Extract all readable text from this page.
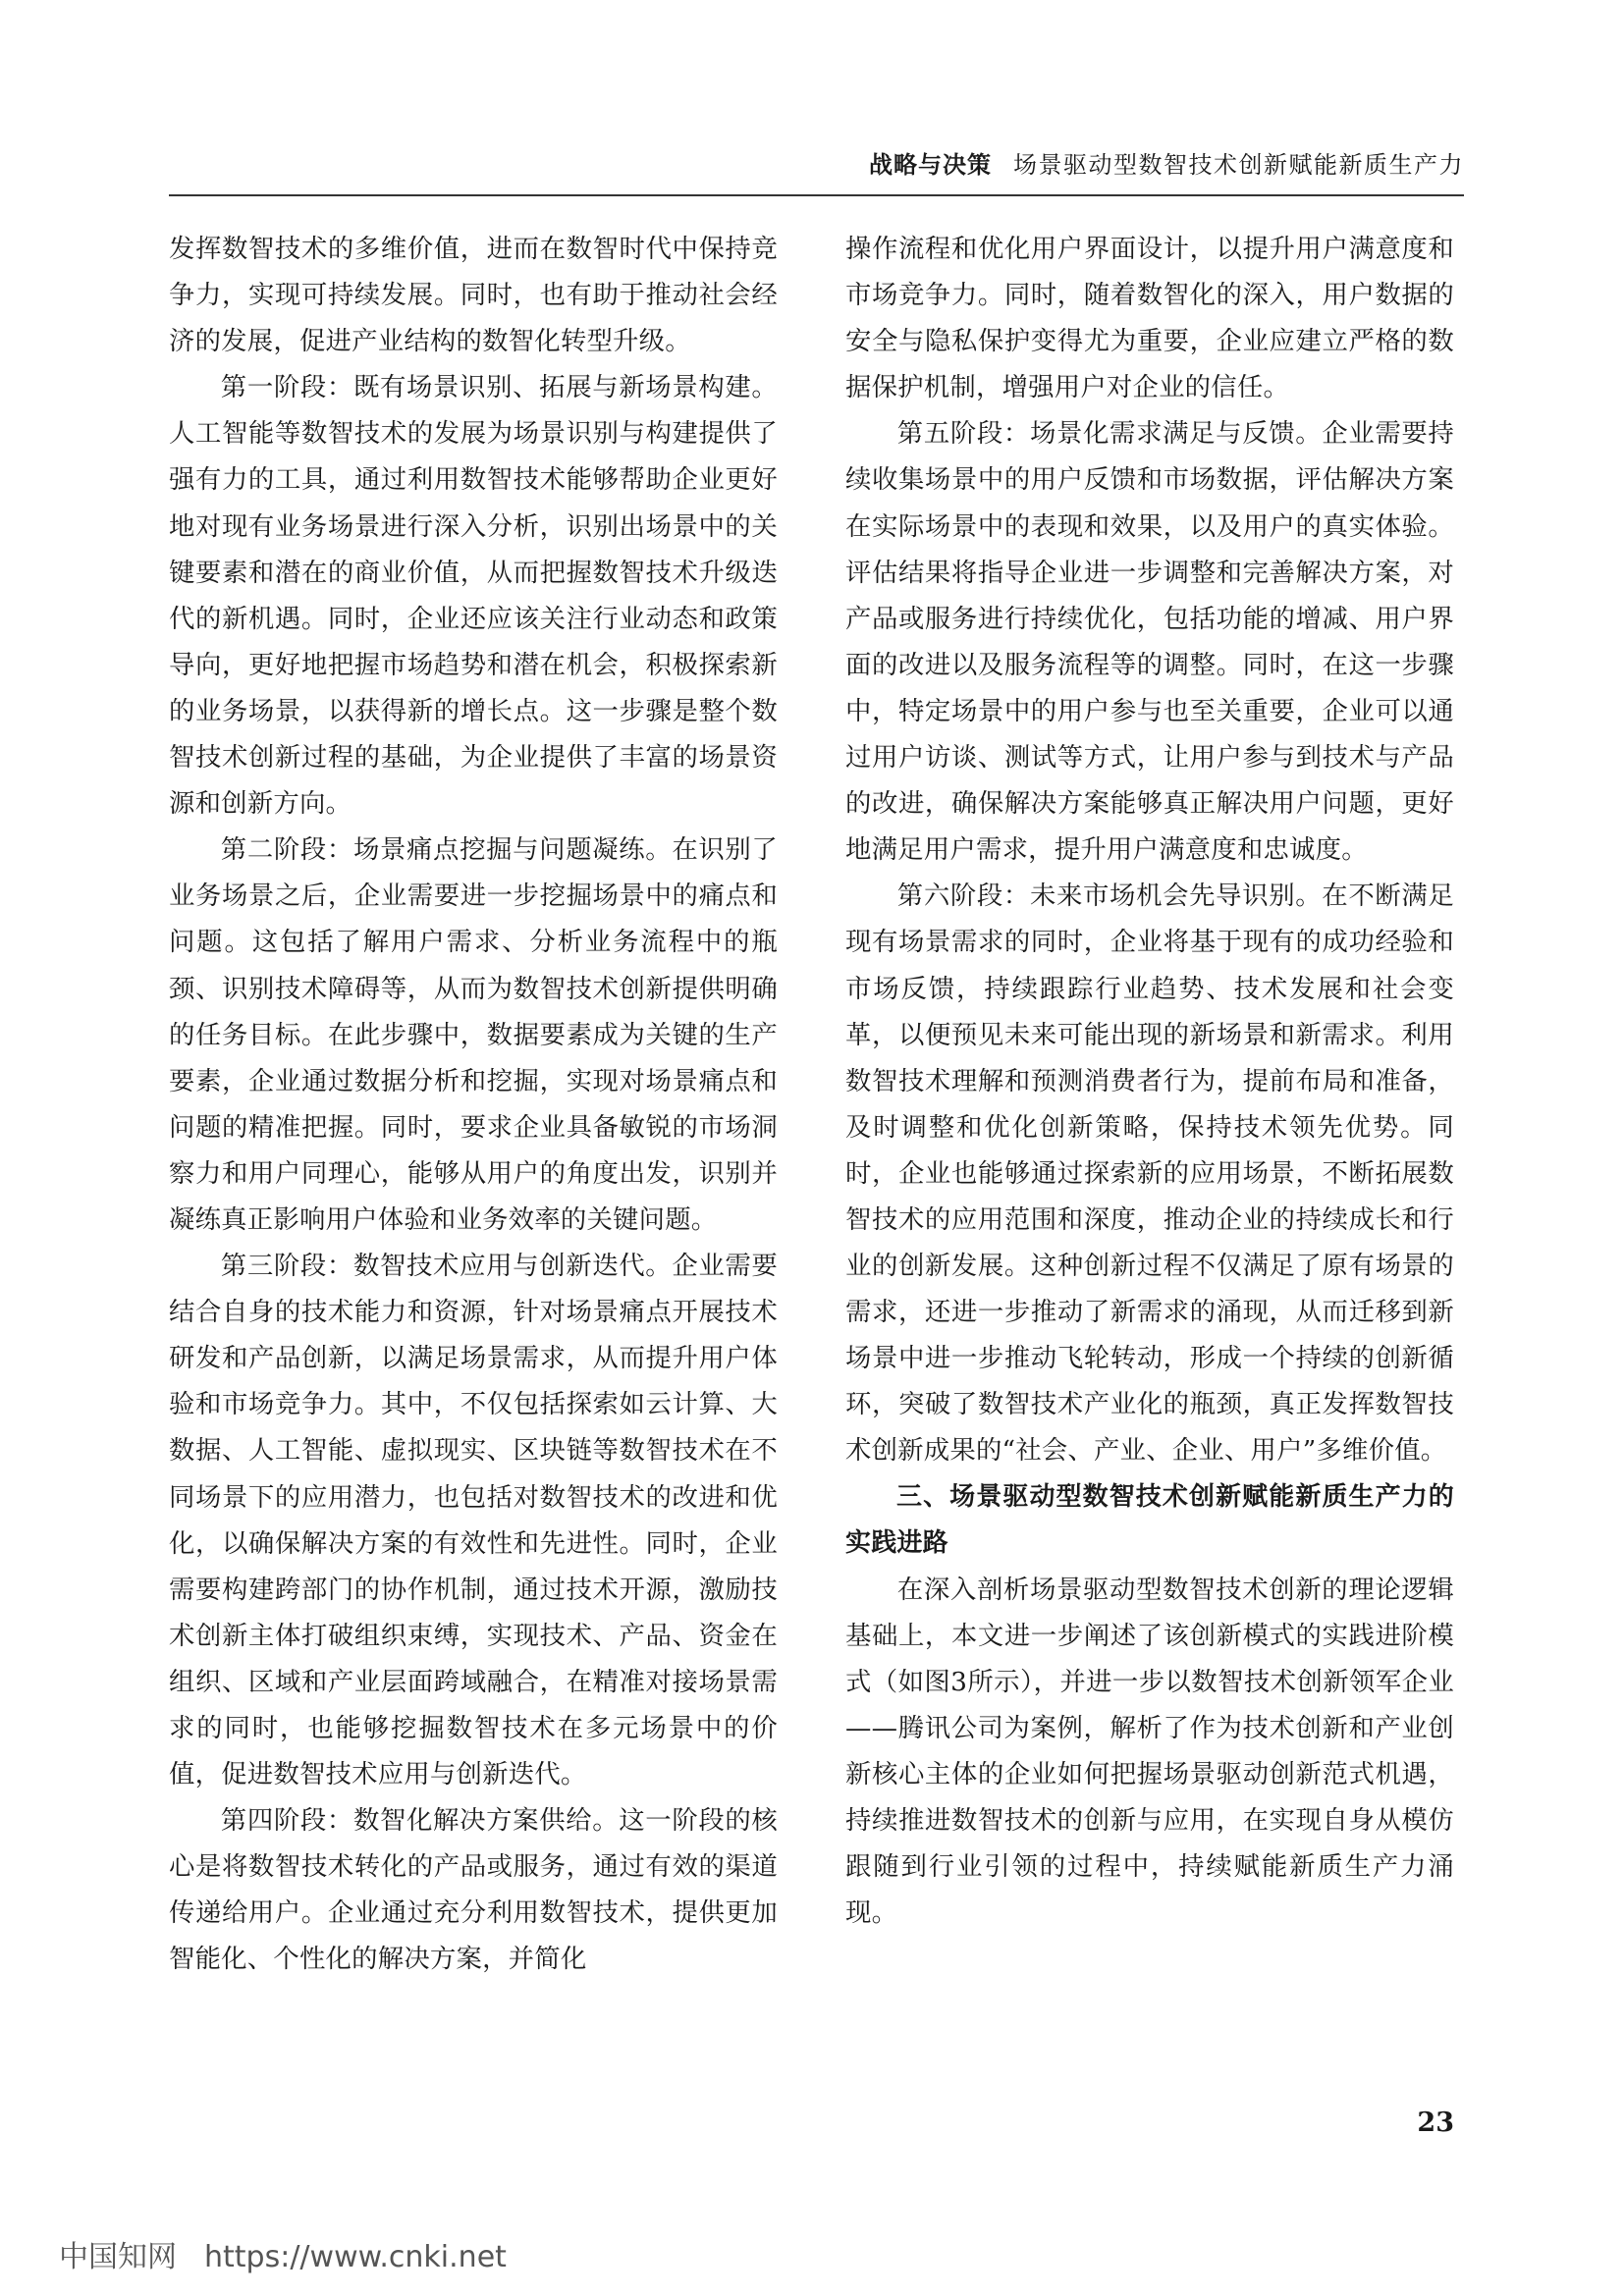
战略与决策 场景驱动型数智技术创新赋能新质生产力

发挥数智技术的多维价值，进而在数智时代中保持竞争力，实现可持续发展。同时，也有助于推动社会经济的发展，促进产业结构的数智化转型升级。

第一阶段：既有场景识别、拓展与新场景构建。人工智能等数智技术的发展为场景识别与构建提供了强有力的工具，通过利用数智技术能够帮助企业更好地对现有业务场景进行深入分析，识别出场景中的关键要素和潜在的商业价值，从而把握数智技术升级迭代的新机遇。同时，企业还应该关注行业动态和政策导向，更好地把握市场趋势和潜在机会，积极探索新的业务场景，以获得新的增长点。这一步骤是整个数智技术创新过程的基础，为企业提供了丰富的场景资源和创新方向。

第二阶段：场景痛点挖掘与问题凝练。在识别了业务场景之后，企业需要进一步挖掘场景中的痛点和问题。这包括了解用户需求、分析业务流程中的瓶颈、识别技术障碍等，从而为数智技术创新提供明确的任务目标。在此步骤中，数据要素成为关键的生产要素，企业通过数据分析和挖掘，实现对场景痛点和问题的精准把握。同时，要求企业具备敏锐的市场洞察力和用户同理心，能够从用户的角度出发，识别并凝练真正影响用户体验和业务效率的关键问题。

第三阶段：数智技术应用与创新迭代。企业需要结合自身的技术能力和资源，针对场景痛点开展技术研发和产品创新，以满足场景需求，从而提升用户体验和市场竞争力。其中，不仅包括探索如云计算、大数据、人工智能、虚拟现实、区块链等数智技术在不同场景下的应用潜力，也包括对数智技术的改进和优化，以确保解决方案的有效性和先进性。同时，企业需要构建跨部门的协作机制，通过技术开源，激励技术创新主体打破组织束缚，实现技术、产品、资金在组织、区域和产业层面跨域融合，在精准对接场景需求的同时，也能够挖掘数智技术在多元场景中的价值，促进数智技术应用与创新迭代。

第四阶段：数智化解决方案供给。这一阶段的核心是将数智技术转化的产品或服务，通过有效的渠道传递给用户。企业通过充分利用数智技术，提供更加智能化、个性化的解决方案，并简化

操作流程和优化用户界面设计，以提升用户满意度和市场竞争力。同时，随着数智化的深入，用户数据的安全与隐私保护变得尤为重要，企业应建立严格的数据保护机制，增强用户对企业的信任。

第五阶段：场景化需求满足与反馈。企业需要持续收集场景中的用户反馈和市场数据，评估解决方案在实际场景中的表现和效果，以及用户的真实体验。评估结果将指导企业进一步调整和完善解决方案，对产品或服务进行持续优化，包括功能的增减、用户界面的改进以及服务流程等的调整。同时，在这一步骤中，特定场景中的用户参与也至关重要，企业可以通过用户访谈、测试等方式，让用户参与到技术与产品的改进，确保解决方案能够真正解决用户问题，更好地满足用户需求，提升用户满意度和忠诚度。

第六阶段：未来市场机会先导识别。在不断满足现有场景需求的同时，企业将基于现有的成功经验和市场反馈，持续跟踪行业趋势、技术发展和社会变革，以便预见未来可能出现的新场景和新需求。利用数智技术理解和预测消费者行为，提前布局和准备，及时调整和优化创新策略，保持技术领先优势。同时，企业也能够通过探索新的应用场景，不断拓展数智技术的应用范围和深度，推动企业的持续成长和行业的创新发展。这种创新过程不仅满足了原有场景的需求，还进一步推动了新需求的涌现，从而迁移到新场景中进一步推动飞轮转动，形成一个持续的创新循环，突破了数智技术产业化的瓶颈，真正发挥数智技术创新成果的“社会、产业、企业、用户”多维价值。

三、场景驱动型数智技术创新赋能新质生产力的实践进路

在深入剖析场景驱动型数智技术创新的理论逻辑基础上，本文进一步阐述了该创新模式的实践进阶模式（如图3所示），并进一步以数智技术创新领军企业——腾讯公司为案例，解析了作为技术创新和产业创新核心主体的企业如何把握场景驱动创新范式机遇，持续推进数智技术的创新与应用，在实现自身从模仿跟随到行业引领的过程中，持续赋能新质生产力涌现。

23
中国知网 https://www.cnki.net
